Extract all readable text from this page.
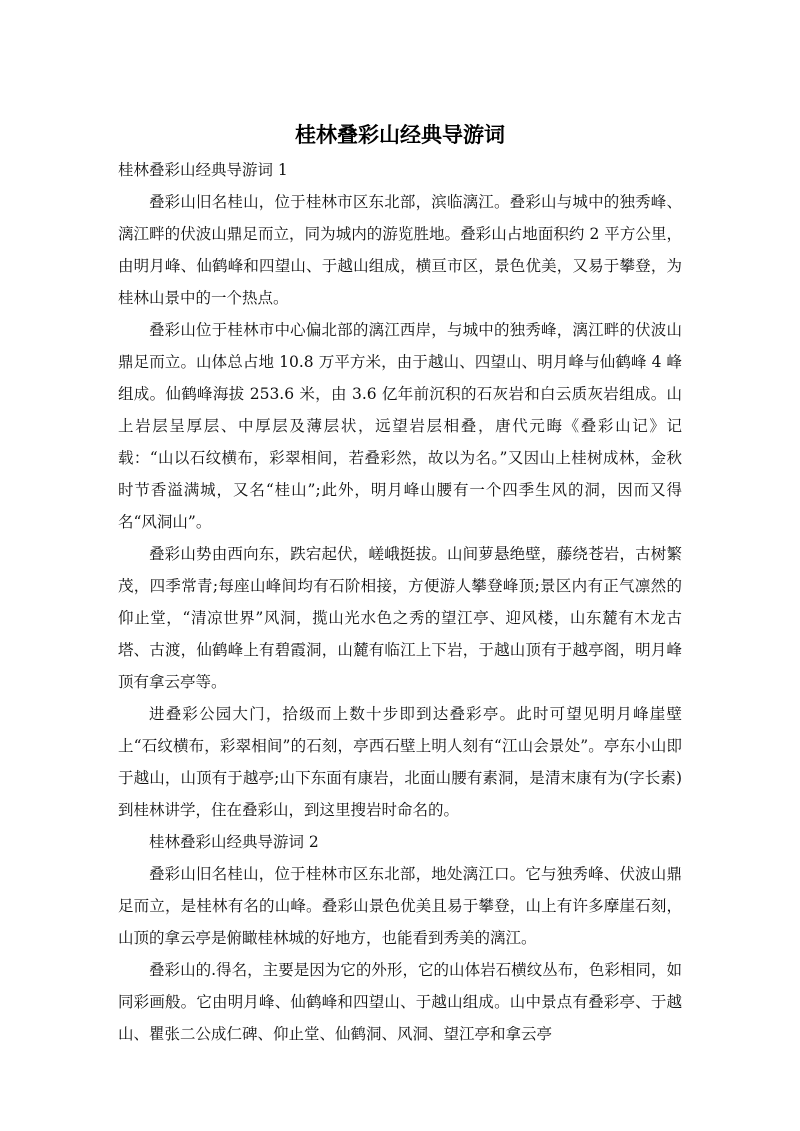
桂林叠彩山经典导游词

桂林叠彩山经典导游词 1

叠彩山旧名桂山，位于桂林市区东北部，滨临漓江。叠彩山与城中的独秀峰、漓江畔的伏波山鼎足而立，同为城内的游览胜地。叠彩山占地面积约 2 平方公里，由明月峰、仙鹤峰和四望山、于越山组成，横亘市区，景色优美，又易于攀登，为桂林山景中的一个热点。

叠彩山位于桂林市中心偏北部的漓江西岸，与城中的独秀峰，漓江畔的伏波山鼎足而立。山体总占地 10.8 万平方米，由于越山、四望山、明月峰与仙鹤峰 4 峰组成。仙鹤峰海拔 253.6 米，由 3.6 亿年前沉积的石灰岩和白云质灰岩组成。山上岩层呈厚层、中厚层及薄层状，远望岩层相叠，唐代元晦《叠彩山记》记载：“山以石纹横布，彩翠相间，若叠彩然，故以为名。”又因山上桂树成林，金秋时节香溢满城，又名“桂山”;此外，明月峰山腰有一个四季生风的洞，因而又得名“风洞山”。

叠彩山势由西向东，跌宕起伏，嵯峨挺拔。山间萝悬绝壁，藤绕苍岩，古树繁茂，四季常青;每座山峰间均有石阶相接，方便游人攀登峰顶;景区内有正气凛然的仰止堂，“清凉世界”风洞，揽山光水色之秀的望江亭、迎风楼，山东麓有木龙古塔、古渡，仙鹤峰上有碧霞洞，山麓有临江上下岩，于越山顶有于越亭阁，明月峰顶有拿云亭等。

进叠彩公园大门，拾级而上数十步即到达叠彩亭。此时可望见明月峰崖壁上“石纹横布，彩翠相间”的石刻，亭西石壁上明人刻有“江山会景处”。亭东小山即于越山，山顶有于越亭;山下东面有康岩，北面山腰有素洞，是清末康有为(字长素)到桂林讲学，住在叠彩山，到这里搜岩时命名的。

桂林叠彩山经典导游词 2

叠彩山旧名桂山，位于桂林市区东北部，地处漓江口。它与独秀峰、伏波山鼎足而立，是桂林有名的山峰。叠彩山景色优美且易于攀登，山上有许多摩崖石刻，山顶的拿云亭是俯瞰桂林城的好地方，也能看到秀美的漓江。

叠彩山的.得名，主要是因为它的外形，它的山体岩石横纹丛布，色彩相同，如同彩画般。它由明月峰、仙鹤峰和四望山、于越山组成。山中景点有叠彩亭、于越山、瞿张二公成仁碑、仰止堂、仙鹤洞、风洞、望江亭和拿云亭
